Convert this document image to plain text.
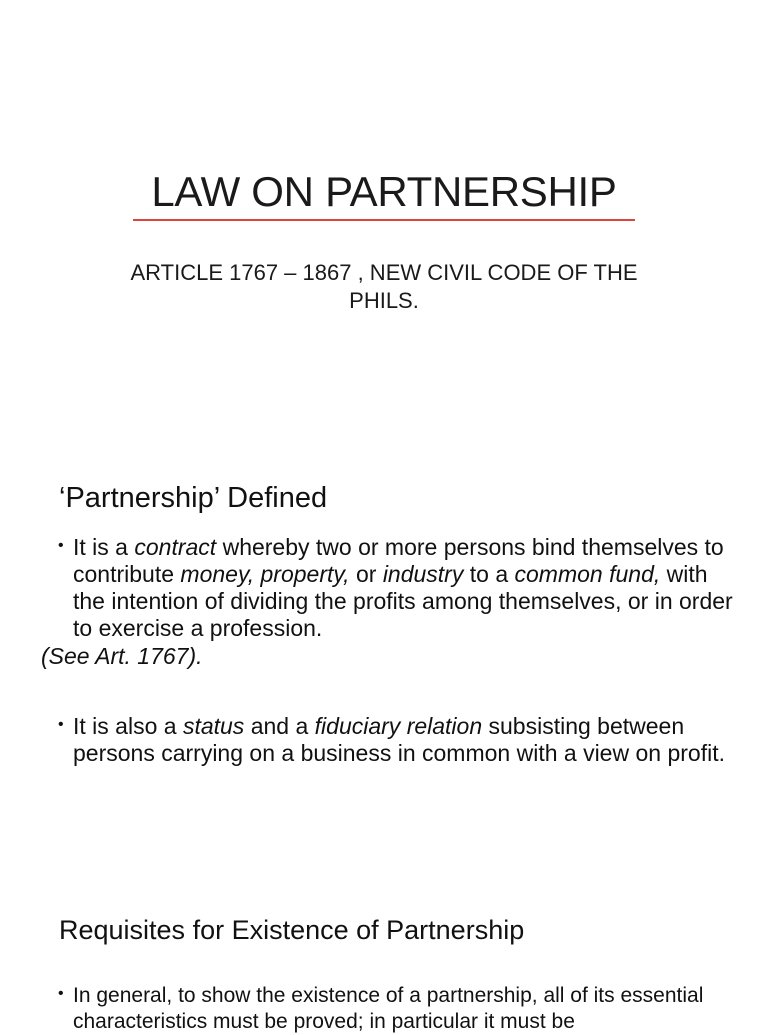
LAW ON PARTNERSHIP
ARTICLE 1767 – 1867 , NEW CIVIL CODE OF THE PHILS.
‘Partnership’ Defined
• It is a contract whereby two or more persons bind themselves to contribute money, property, or industry to a common fund, with the intention of dividing the profits among themselves, or in order to exercise a profession.
(See Art. 1767).
• It is also a status and a fiduciary relation subsisting between persons carrying on a business in common with a view on profit.
Requisites for Existence of Partnership
• In general, to show the existence of a partnership, all of its essential characteristics must be proved; in particular it must be
